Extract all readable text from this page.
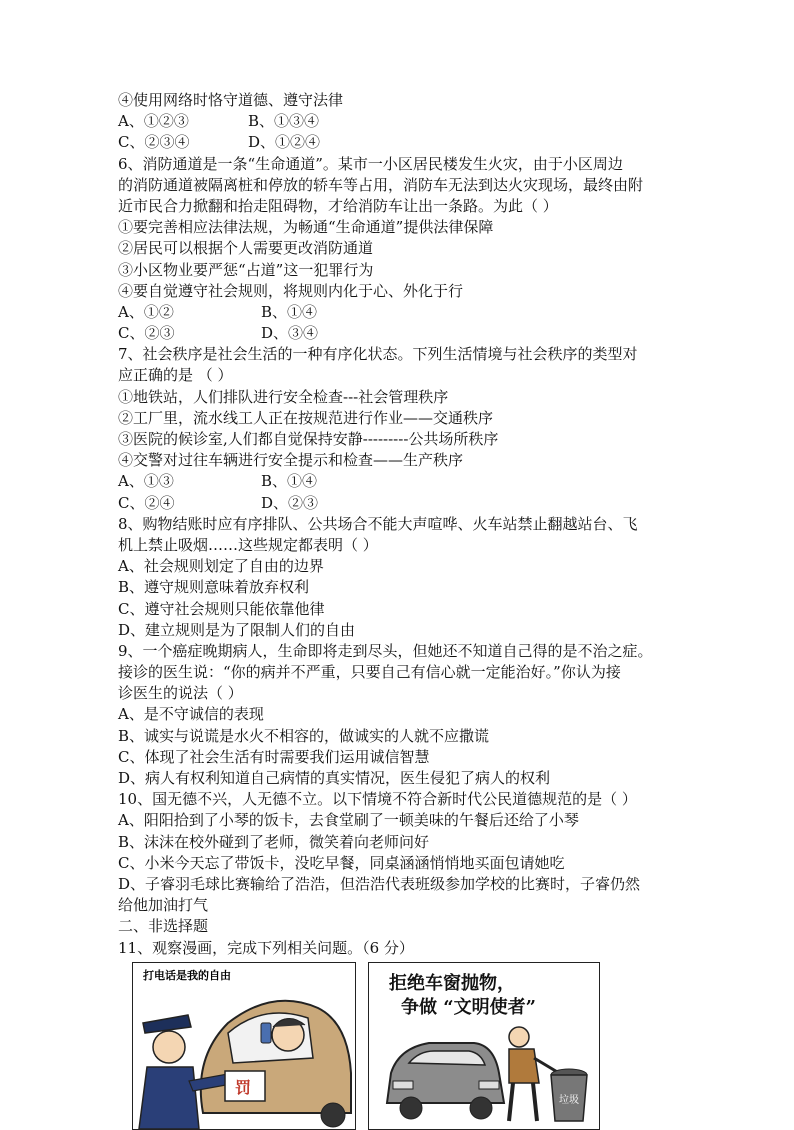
④使用网络时恪守道德、遵守法律
A、①②③	B、①③④
C、②③④	D、①②④
6、消防通道是一条“生命通道”。某市一小区居民楼发生火灾，由于小区周边
的消防通道被隔离桩和停放的轿车等占用，消防车无法到达火灾现场，最终由附
近市民合力掀翻和抬走阻碍物，才给消防车让出一条路。为此（ ）
①要完善相应法律法规，为畅通“生命通道”提供法律保障
②居民可以根据个人需要更改消防通道
③小区物业要严惩“占道”这一犯罪行为
④要自觉遵守社会规则，将规则内化于心、外化于行
A、①②	B、①④
C、②③	D、③④
7、社会秩序是社会生活的一种有序化状态。下列生活情境与社会秩序的类型对
应正确的是 （ ）
①地铁站，人们排队进行安全检查---社会管理秩序
②工厂里，流水线工人正在按规范进行作业——交通秩序
③医院的候诊室,人们都自觉保持安静---------公共场所秩序
④交警对过往车辆进行安全提示和检查——生产秩序
A、①③	B、①④
C、②④	D、②③
8、购物结账时应有序排队、公共场合不能大声喧哗、火车站禁止翻越站台、飞
机上禁止吸烟……这些规定都表明（ ）
A、社会规则划定了自由的边界
B、遵守规则意味着放弃权利
C、遵守社会规则只能依靠他律
D、建立规则是为了限制人们的自由
9、一个癌症晚期病人，生命即将走到尽头，但她还不知道自己得的是不治之症。
接诊的医生说：“你的病并不严重，只要自己有信心就一定能治好。”你认为接
诊医生的说法（ ）
A、是不守诚信的表现
B、诚实与说谎是水火不相容的，做诚实的人就不应撒谎
C、体现了社会生活有时需要我们运用诚信智慧
D、病人有权利知道自己病情的真实情况，医生侵犯了病人的权利
10、国无德不兴，人无德不立。以下情境不符合新时代公民道德规范的是（ ）
A、阳阳拾到了小琴的饭卡，去食堂刷了一顿美味的午餐后还给了小琴
B、沫沫在校外碰到了老师，微笑着向老师问好
C、小米今天忘了带饭卡，没吃早餐，同桌涵涵悄悄地买面包请她吃
D、子睿羽毛球比赛输给了浩浩，但浩浩代表班级参加学校的比赛时，子睿仍然
给他加油打气
二、非选择题
11、观察漫画，完成下列相关问题。（6 分）
打电话是我的自由
罚
拒绝车窗抛物，
争做 “文明使者”
垃圾
